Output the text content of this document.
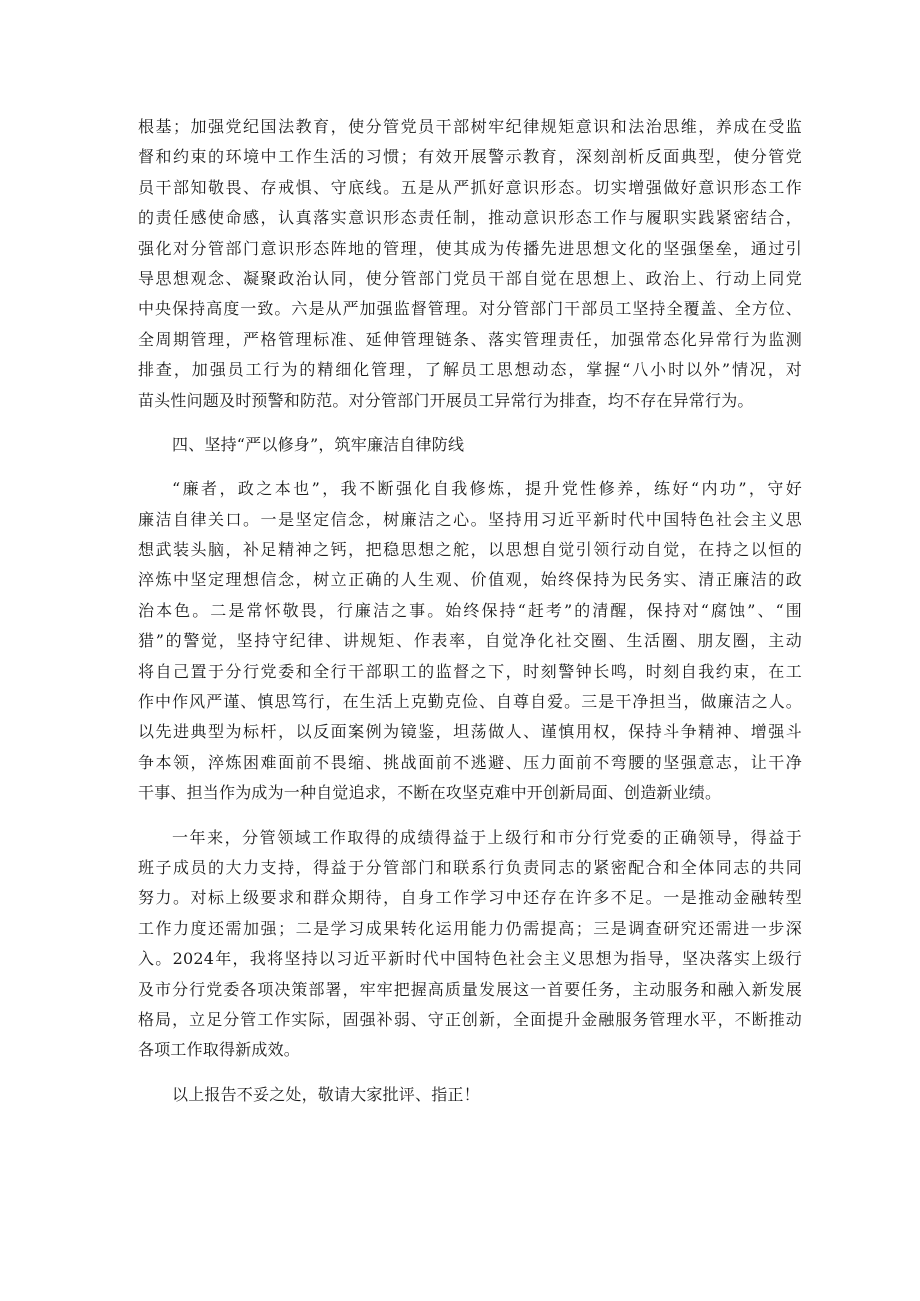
根基；加强党纪国法教育，使分管党员干部树牢纪律规矩意识和法治思维，养成在受监
督和约束的环境中工作生活的习惯；有效开展警示教育，深刻剖析反面典型，使分管党
员干部知敬畏、存戒惧、守底线。五是从严抓好意识形态。切实增强做好意识形态工作
的责任感使命感，认真落实意识形态责任制，推动意识形态工作与履职实践紧密结合，
强化对分管部门意识形态阵地的管理，使其成为传播先进思想文化的坚强堡垒，通过引
导思想观念、凝聚政治认同，使分管部门党员干部自觉在思想上、政治上、行动上同党
中央保持高度一致。六是从严加强监督管理。对分管部门干部员工坚持全覆盖、全方位、
全周期管理，严格管理标准、延伸管理链条、落实管理责任，加强常态化异常行为监测
排查，加强员工行为的精细化管理，了解员工思想动态，掌握“八小时以外”情况，对
苗头性问题及时预警和防范。对分管部门开展员工异常行为排查，均不存在异常行为。
四、坚持“严以修身”，筑牢廉洁自律防线
“廉者，政之本也”，我不断强化自我修炼，提升党性修养，练好“内功”，守好
廉洁自律关口。一是坚定信念，树廉洁之心。坚持用习近平新时代中国特色社会主义思
想武装头脑，补足精神之钙，把稳思想之舵，以思想自觉引领行动自觉，在持之以恒的
淬炼中坚定理想信念，树立正确的人生观、价值观，始终保持为民务实、清正廉洁的政
治本色。二是常怀敬畏，行廉洁之事。始终保持“赶考”的清醒，保持对“腐蚀”、“围
猎”的警觉，坚持守纪律、讲规矩、作表率，自觉净化社交圈、生活圈、朋友圈，主动
将自己置于分行党委和全行干部职工的监督之下，时刻警钟长鸣，时刻自我约束，在工
作中作风严谨、慎思笃行，在生活上克勤克俭、自尊自爱。三是干净担当，做廉洁之人。
以先进典型为标杆，以反面案例为镜鉴，坦荡做人、谨慎用权，保持斗争精神、增强斗
争本领，淬炼困难面前不畏缩、挑战面前不逃避、压力面前不弯腰的坚强意志，让干净
干事、担当作为成为一种自觉追求，不断在攻坚克难中开创新局面、创造新业绩。
一年来，分管领域工作取得的成绩得益于上级行和市分行党委的正确领导，得益于
班子成员的大力支持，得益于分管部门和联系行负责同志的紧密配合和全体同志的共同
努力。对标上级要求和群众期待，自身工作学习中还存在许多不足。一是推动金融转型
工作力度还需加强；二是学习成果转化运用能力仍需提高；三是调查研究还需进一步深
入。2024年，我将坚持以习近平新时代中国特色社会主义思想为指导，坚决落实上级行
及市分行党委各项决策部署，牢牢把握高质量发展这一首要任务，主动服务和融入新发展
格局，立足分管工作实际，固强补弱、守正创新，全面提升金融服务管理水平，不断推动
各项工作取得新成效。
以上报告不妥之处，敬请大家批评、指正！
